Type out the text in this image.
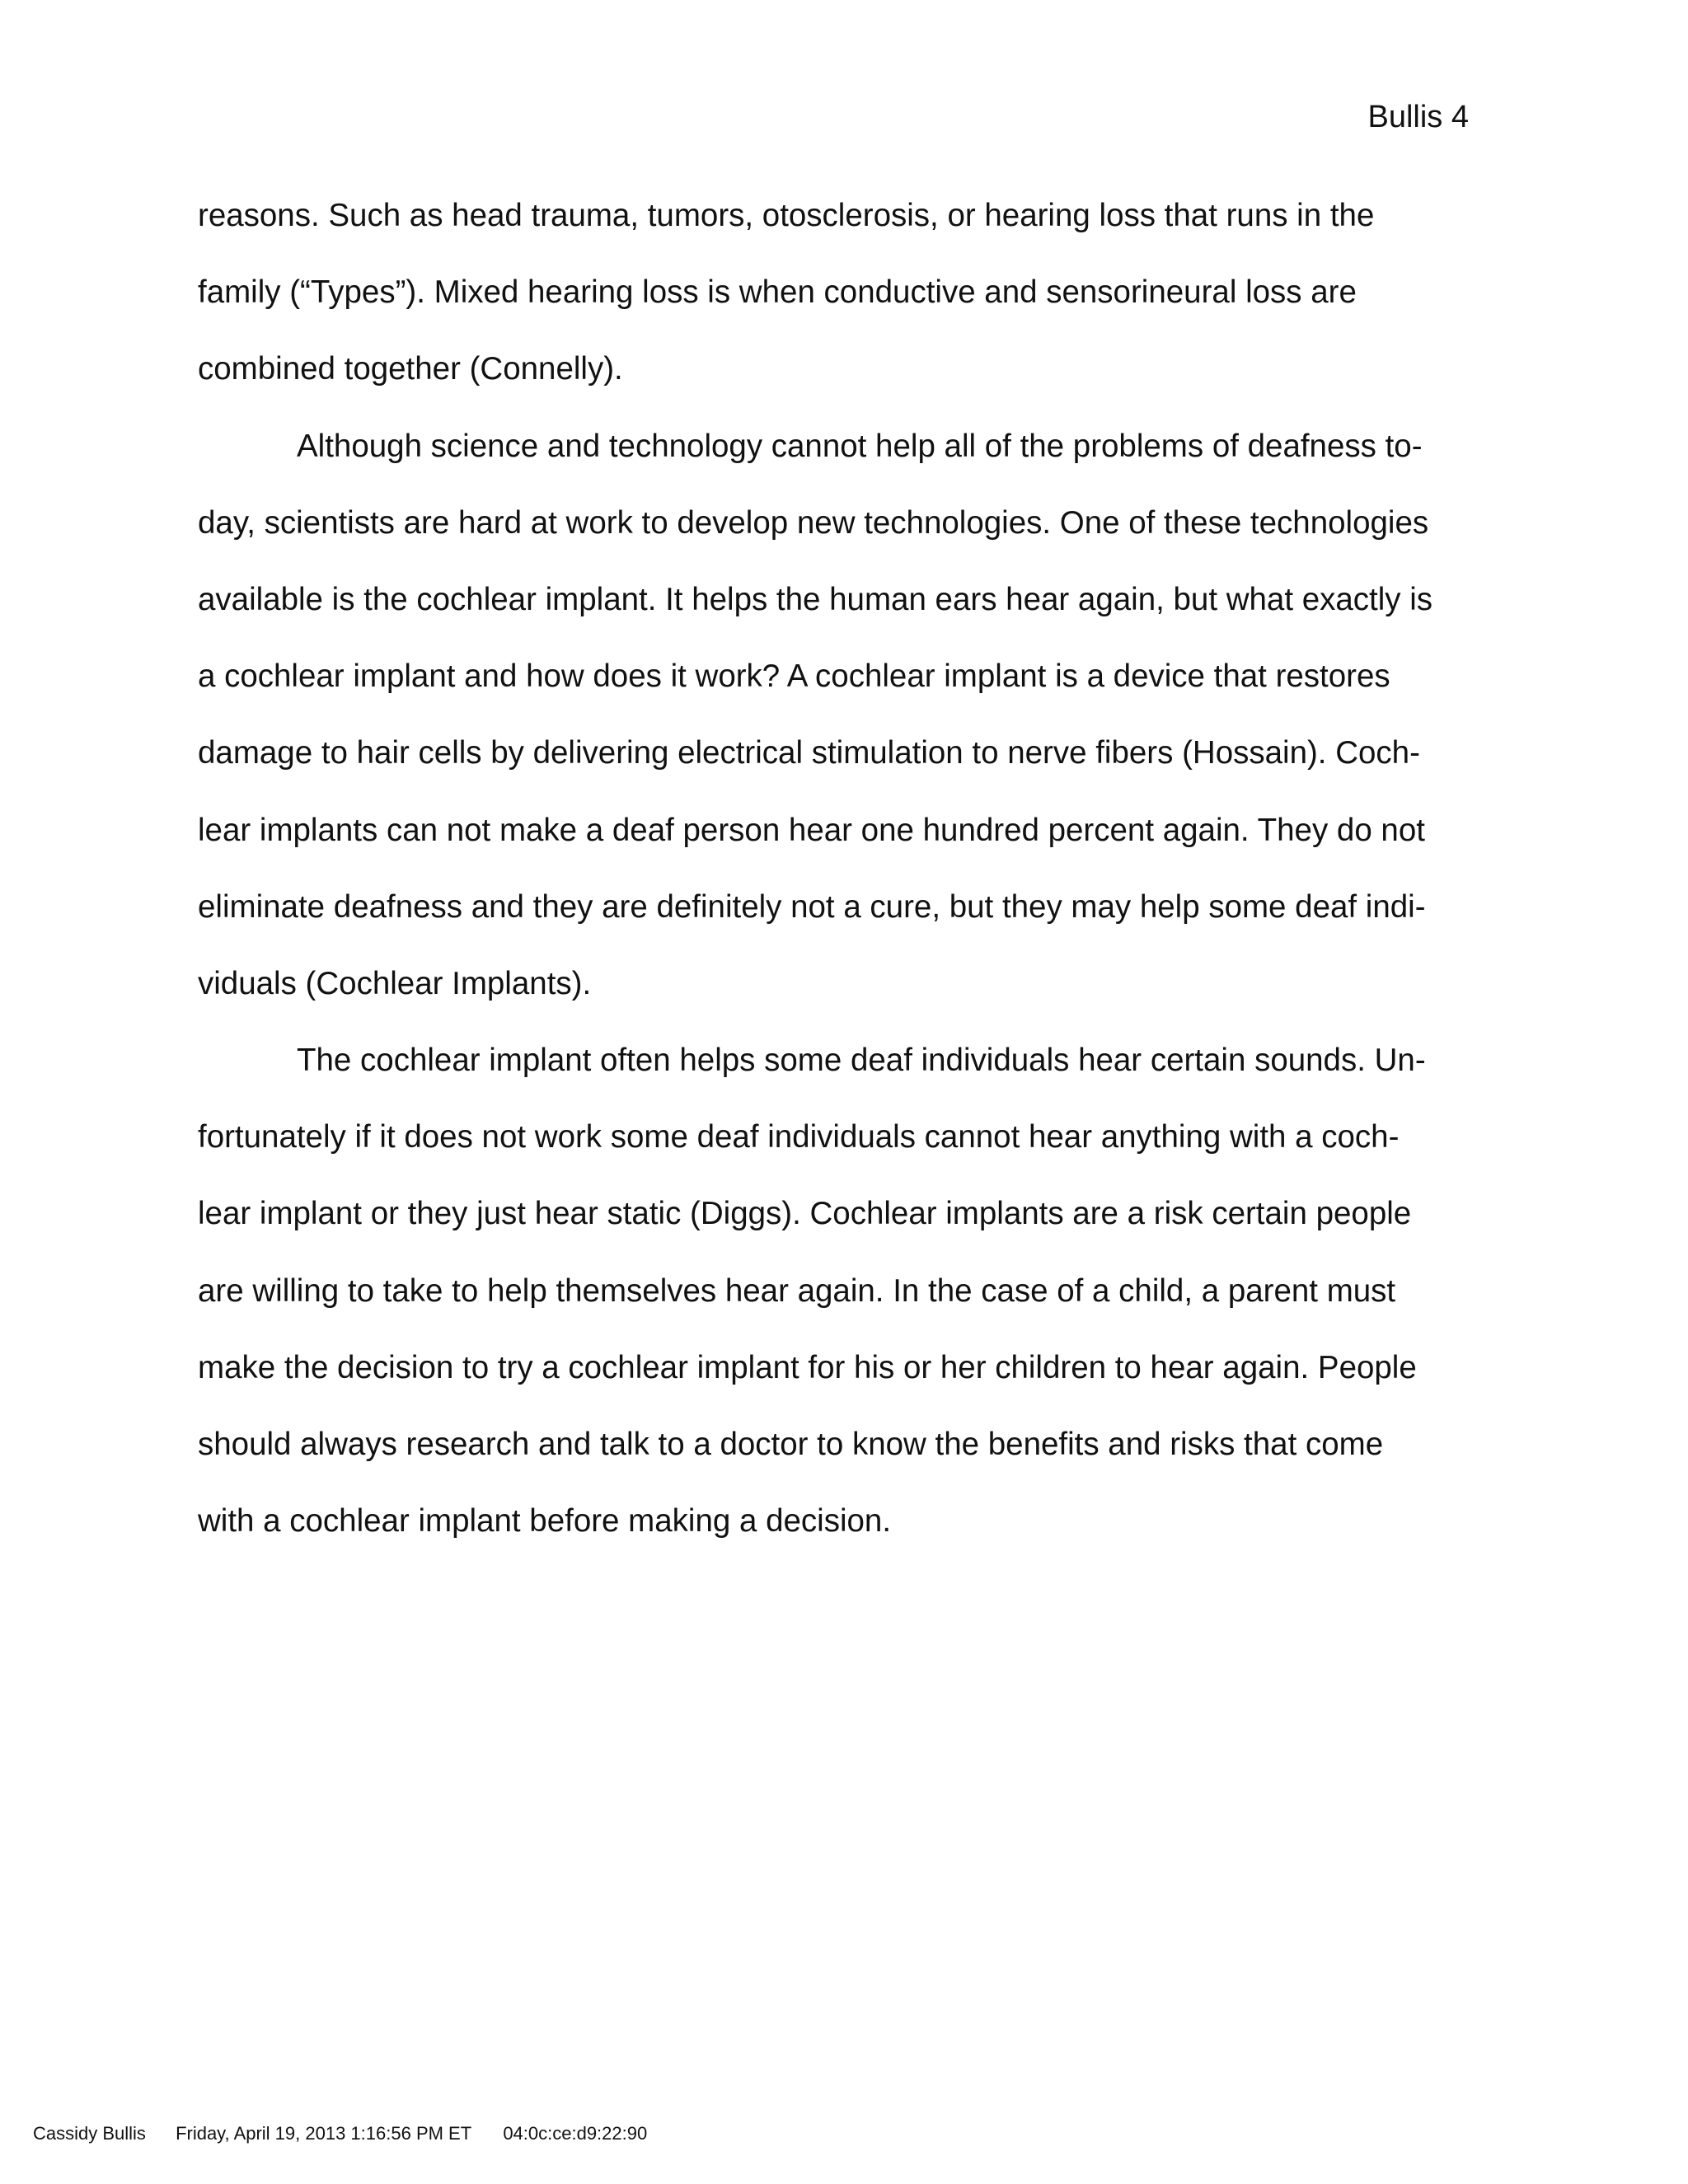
Bullis 4
reasons. Such as head trauma, tumors, otosclerosis, or hearing loss that runs in the
family (“Types”). Mixed hearing loss is when conductive and sensorineural loss are
combined together (Connelly).
Although science and technology cannot help all of the problems of deafness to-
day, scientists are hard at work to develop new technologies. One of these technologies
available is the cochlear implant. It helps the human ears hear again, but what exactly is
a cochlear implant and how does it work? A cochlear implant is a device that restores
damage to hair cells by delivering electrical stimulation to nerve fibers (Hossain). Coch-
lear implants can not make a deaf person hear one hundred percent again. They do not
eliminate deafness and they are definitely not a cure, but they may help some deaf indi-
viduals (Cochlear Implants).
The cochlear implant often helps some deaf individuals hear certain sounds. Un-
fortunately if it does not work some deaf individuals cannot hear anything with a coch-
lear implant or they just hear static (Diggs). Cochlear implants are a risk certain people
are willing to take to help themselves hear again. In the case of a child, a parent must
make the decision to try a cochlear implant for his or her children to hear again. People
should always research and talk to a doctor to know the benefits and risks that come
with a cochlear implant before making a decision.
Cassidy Bullis Friday, April 19, 2013 1:16:56 PM ET 04:0c:ce:d9:22:90
